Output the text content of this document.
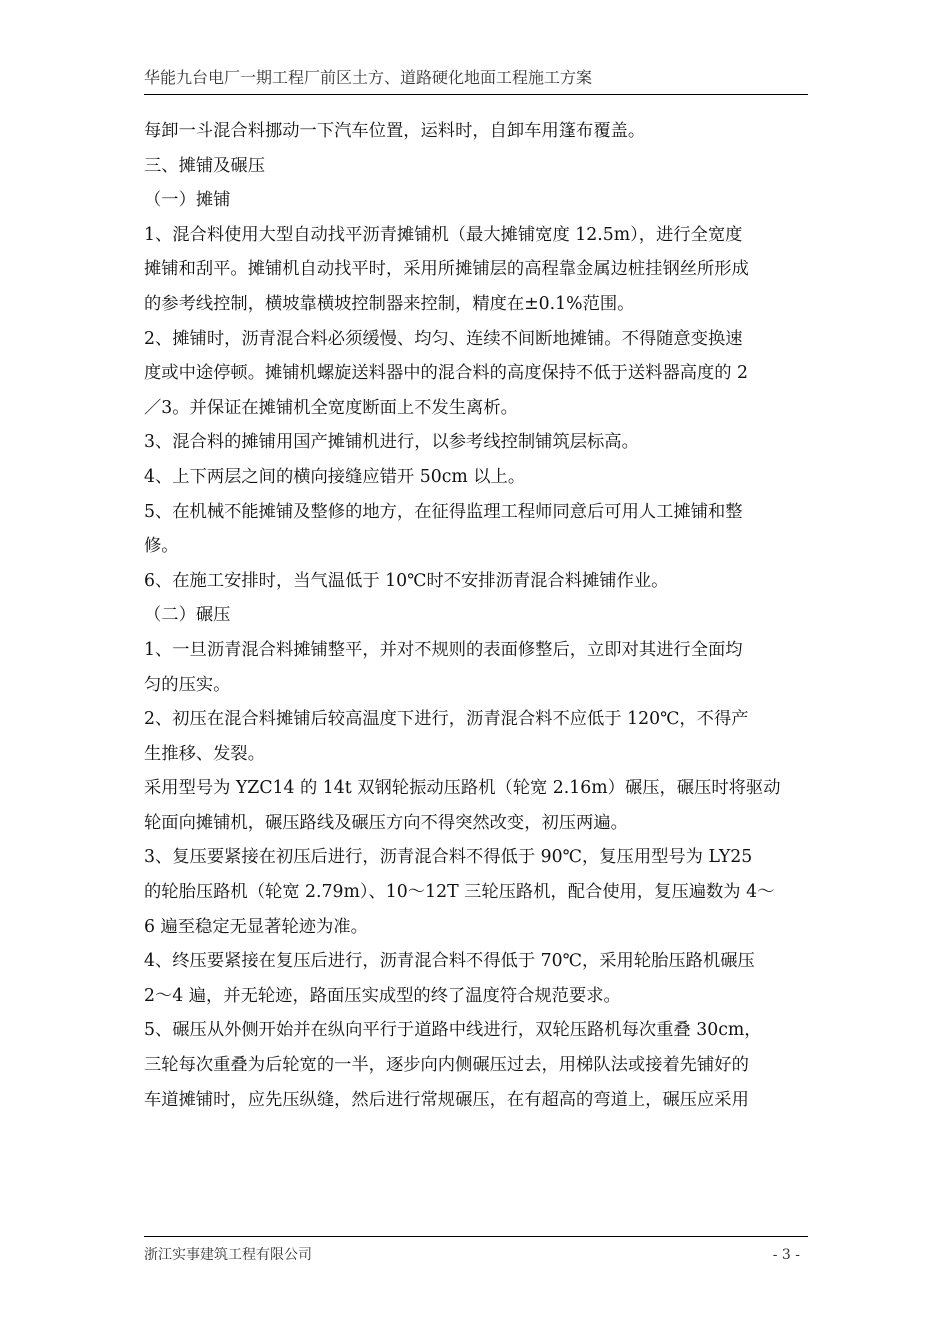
华能九台电厂一期工程厂前区土方、道路硬化地面工程施工方案
每卸一斗混合料挪动一下汽车位置，运料时，自卸车用篷布覆盖。
三、摊铺及碾压
（一）摊铺
1、混合料使用大型自动找平沥青摊铺机（最大摊铺宽度 12.5m），进行全宽度
摊铺和刮平。摊铺机自动找平时，采用所摊铺层的高程靠金属边桩挂钢丝所形成
的参考线控制，横坡靠横坡控制器来控制，精度在±0.1%范围。
2、摊铺时，沥青混合料必须缓慢、均匀、连续不间断地摊铺。不得随意变换速
度或中途停顿。摊铺机螺旋送料器中的混合料的高度保持不低于送料器高度的 2
／3。并保证在摊铺机全宽度断面上不发生离析。
3、混合料的摊铺用国产摊铺机进行，以参考线控制铺筑层标高。
4、上下两层之间的横向接缝应错开 50cm 以上。
5、在机械不能摊铺及整修的地方，在征得监理工程师同意后可用人工摊铺和整
修。
6、在施工安排时，当气温低于 10℃时不安排沥青混合料摊铺作业。
（二）碾压
1、一旦沥青混合料摊铺整平，并对不规则的表面修整后，立即对其进行全面均
匀的压实。
2、初压在混合料摊铺后较高温度下进行，沥青混合料不应低于 120℃，不得产
生推移、发裂。
采用型号为 YZC14 的 14t 双钢轮振动压路机（轮宽 2.16m）碾压，碾压时将驱动
轮面向摊铺机，碾压路线及碾压方向不得突然改变，初压两遍。
3、复压要紧接在初压后进行，沥青混合料不得低于 90℃，复压用型号为 LY25
的轮胎压路机（轮宽 2.79m）、10～12T 三轮压路机，配合使用，复压遍数为 4～
6 遍至稳定无显著轮迹为准。
4、终压要紧接在复压后进行，沥青混合料不得低于 70℃，采用轮胎压路机碾压
2～4 遍，并无轮迹，路面压实成型的终了温度符合规范要求。
5、碾压从外侧开始并在纵向平行于道路中线进行，双轮压路机每次重叠 30cm，
三轮每次重叠为后轮宽的一半，逐步向内侧碾压过去，用梯队法或接着先铺好的
车道摊铺时，应先压纵缝，然后进行常规碾压，在有超高的弯道上，碾压应采用
浙江实事建筑工程有限公司	- 3 -
